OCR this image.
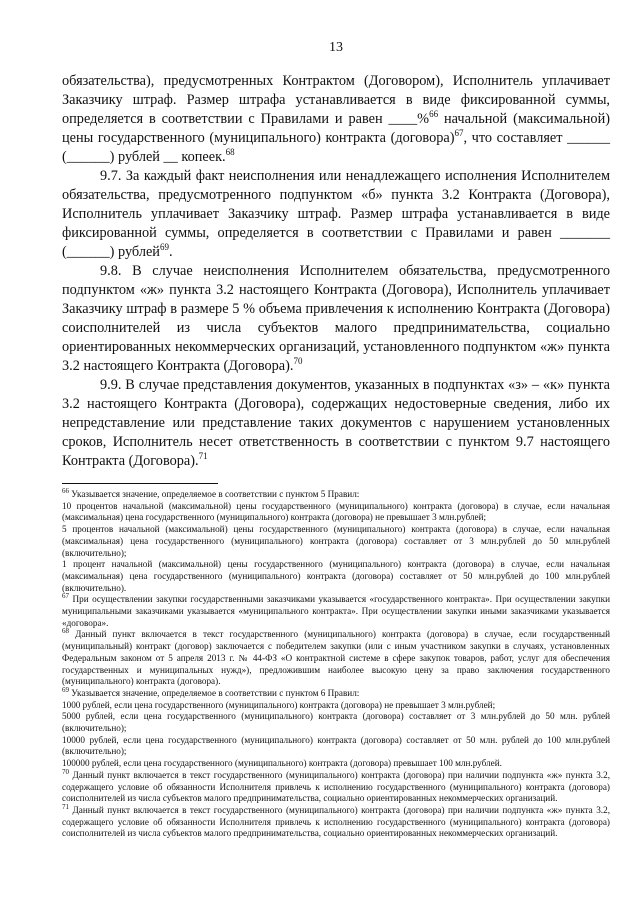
13

обязательства), предусмотренных Контрактом (Договором), Исполнитель уплачивает Заказчику штраф. Размер штрафа устанавливается в виде фиксированной суммы, определяется в соответствии с Правилами и равен ____%$^{66}$ начальной (максимальной) цены государственного (муниципального) контракта (договора)$^{67}$, что составляет ______ (______) рублей __ копеек.$^{68}$

9.7. За каждый факт неисполнения или ненадлежащего исполнения Исполнителем обязательства, предусмотренного подпунктом «б» пункта 3.2 Контракта (Договора), Исполнитель уплачивает Заказчику штраф. Размер штрафа устанавливается в виде фиксированной суммы, определяется в соответствии с Правилами и равен _______ (______) рублей$^{69}$.

9.8. В случае неисполнения Исполнителем обязательства, предусмотренного подпунктом «ж» пункта 3.2 настоящего Контракта (Договора), Исполнитель уплачивает Заказчику штраф в размере 5 % объема привлечения к исполнению Контракта (Договора) соисполнителей из числа субъектов малого предпринимательства, социально ориентированных некоммерческих организаций, установленного подпунктом «ж» пункта 3.2 настоящего Контракта (Договора).$^{70}$

9.9. В случае представления документов, указанных в подпунктах «з» – «к» пункта 3.2 настоящего Контракта (Договора), содержащих недостоверные сведения, либо их непредставление или представление таких документов с нарушением установленных сроков, Исполнитель несет ответственность в соответствии с пунктом 9.7 настоящего Контракта (Договора).$^{71}$

$^{66}$ Указывается значение, определяемое в соответствии с пунктом 5 Правил:

10 процентов начальной (максимальной) цены государственного (муниципального) контракта (договора) в случае, если начальная (максимальная) цена государственного (муниципального) контракта (договора) не превышает 3 млн.рублей;

5 процентов начальной (максимальной) цены государственного (муниципального) контракта (договора) в случае, если начальная (максимальная) цена государственного (муниципального) контракта (договора) составляет от 3 млн.рублей до 50 млн.рублей (включительно);

1 процент начальной (максимальной) цены государственного (муниципального) контракта (договора) в случае, если начальная (максимальная) цена государственного (муниципального) контракта (договора) составляет от 50 млн.рублей до 100 млн.рублей (включительно).

$^{67}$ При осуществлении закупки государственными заказчиками указывается «государственного контракта». При осуществлении закупки муниципальными заказчиками указывается «муниципального контракта». При осуществлении закупки иными заказчиками указывается «договора».

$^{68}$ Данный пункт включается в текст государственного (муниципального) контракта (договора) в случае, если государственный (муниципальный) контракт (договор) заключается с победителем закупки (или с иным участником закупки в случаях, установленных Федеральным законом от 5 апреля 2013 г. № 44-ФЗ «О контрактной системе в сфере закупок товаров, работ, услуг для обеспечения государственных и муниципальных нужд»), предложившим наиболее высокую цену за право заключения государственного (муниципального) контракта (договора).

$^{69}$ Указывается значение, определяемое в соответствии с пунктом 6 Правил:

1000 рублей, если цена государственного (муниципального) контракта (договора) не превышает 3 млн.рублей;

5000 рублей, если цена государственного (муниципального) контракта (договора) составляет от 3 млн.рублей до 50 млн. рублей (включительно);

10000 рублей, если цена государственного (муниципального) контракта (договора) составляет от 50 млн. рублей до 100 млн.рублей (включительно);

100000 рублей, если цена государственного (муниципального) контракта (договора) превышает 100 млн.рублей.

$^{70}$ Данный пункт включается в текст государственного (муниципального) контракта (договора) при наличии подпункта «ж» пункта 3.2, содержащего условие об обязанности Исполнителя привлечь к исполнению государственного (муниципального) контракта (договора) соисполнителей из числа субъектов малого предпринимательства, социально ориентированных некоммерческих организаций.

$^{71}$ Данный пункт включается в текст государственного (муниципального) контракта (договора) при наличии подпункта «ж» пункта 3.2, содержащего условие об обязанности Исполнителя привлечь к исполнению государственного (муниципального) контракта (договора) соисполнителей из числа субъектов малого предпринимательства, социально ориентированных некоммерческих организаций.
